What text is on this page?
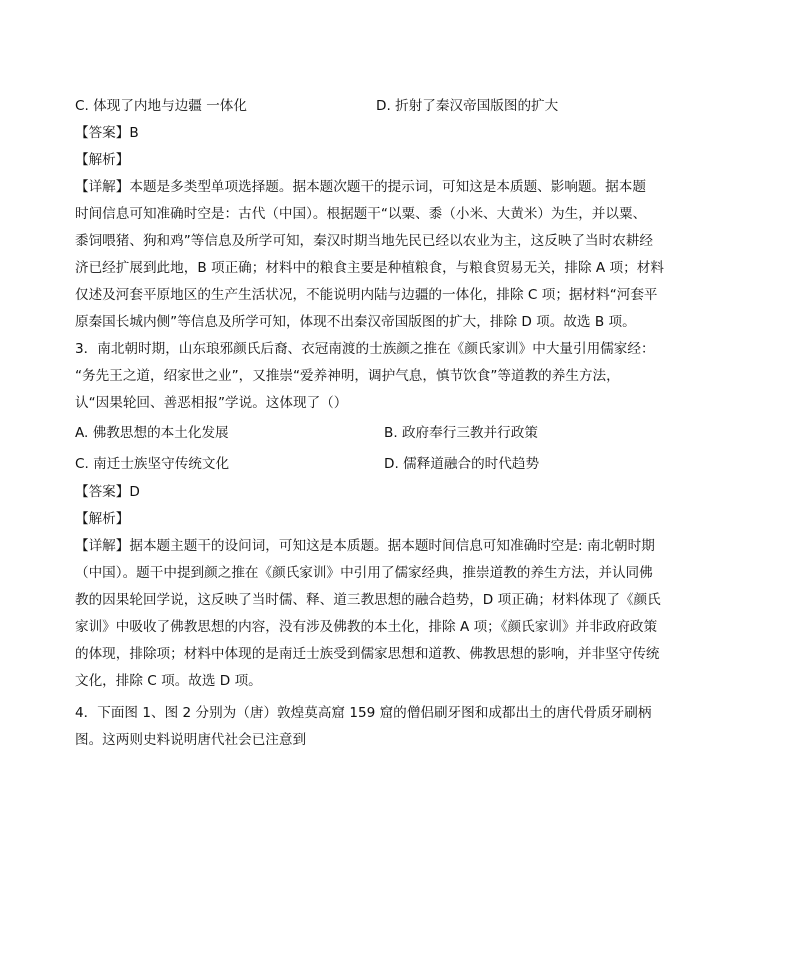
C. 体现了内地与边疆 一体化	D. 折射了秦汉帝国版图的扩大
【答案】B
【解析】
【详解】本题是多类型单项选择题。据本题次题干的提示词，可知这是本质题、影响题。据本题
时间信息可知准确时空是：古代（中国）。根据题干“以粟、黍（小米、大黄米）为生，并以粟、
黍饲喂猪、狗和鸡”等信息及所学可知，秦汉时期当地先民已经以农业为主，这反映了当时农耕经
济已经扩展到此地，B 项正确；材料中的粮食主要是种植粮食，与粮食贸易无关，排除 A 项；材料
仅述及河套平原地区的生产生活状况，不能说明内陆与边疆的一体化，排除 C 项；据材料“河套平
原秦国长城内侧”等信息及所学可知，体现不出秦汉帝国版图的扩大，排除 D 项。故选 B 项。
3．南北朝时期，山东琅邪颜氏后裔、衣冠南渡的士族颜之推在《颜氏家训》中大量引用儒家经：
“务先王之道，绍家世之业”，又推崇“爱养神明，调护气息，慎节饮食”等道教的养生方法，
认“因果轮回、善恶相报”学说。这体现了（）
A. 佛教思想的本土化发展	B. 政府奉行三教并行政策
C. 南迁士族坚守传统文化	D. 儒释道融合的时代趋势
【答案】D
【解析】
【详解】据本题主题干的设问词，可知这是本质题。据本题时间信息可知准确时空是: 南北朝时期
（中国）。题干中提到颜之推在《颜氏家训》中引用了儒家经典，推崇道教的养生方法，并认同佛
教的因果轮回学说，这反映了当时儒、释、道三教思想的融合趋势，D 项正确；材料体现了《颜氏
家训》中吸收了佛教思想的内容，没有涉及佛教的本土化，排除 A 项；《颜氏家训》并非政府政策
的体现，排除项；材料中体现的是南迁士族受到儒家思想和道教、佛教思想的影响，并非坚守传统
文化，排除 C 项。故选 D 项。
4．下面图 1、图 2 分别为（唐）敦煌莫高窟 159 窟的僧侣刷牙图和成都出土的唐代骨质牙刷柄
图。这两则史料说明唐代社会已注意到
